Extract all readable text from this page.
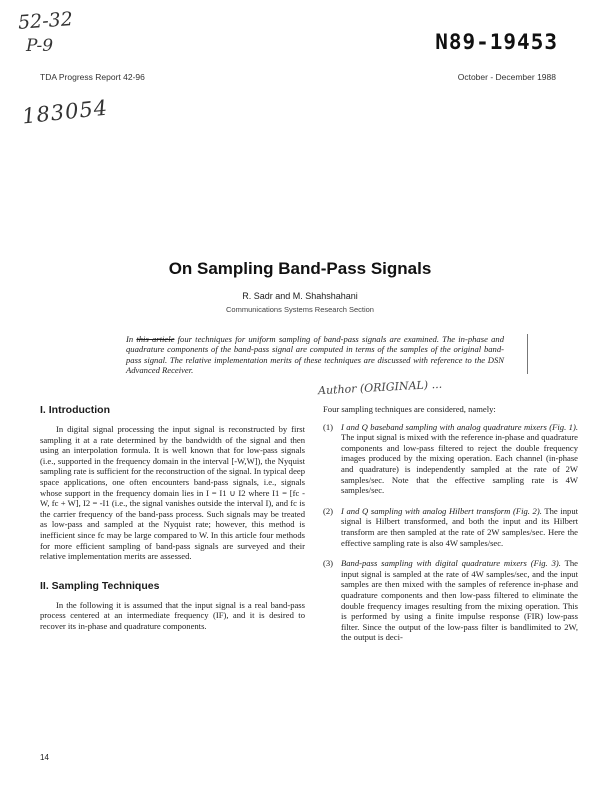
52-32
P-9
183054
N89-19453
TDA Progress Report 42-96	October - December 1988
On Sampling Band-Pass Signals
R. Sadr and M. Shahshahani
Communications Systems Research Section
In this article four techniques for uniform sampling of band-pass signals are examined. The in-phase and quadrature components of the band-pass signal are computed in terms of the samples of the original band-pass signal. The relative implementation merits of these techniques are discussed with reference to the DSN Advanced Receiver.
Author (ORIGINAL) ...
I. Introduction

In digital signal processing the input signal is reconstructed by first sampling it at a rate determined by the bandwidth of the signal and then using an interpolation formula. It is well known that for low-pass signals (i.e., supported in the frequency domain in the interval [-W,W]), the Nyquist sampling rate is sufficient for the reconstruction of the signal. In typical deep space applications, one often encounters band-pass signals, i.e., signals whose support in the frequency domain lies in I = I1 ∪ I2 where I1 = [fc - W, fc + W], I2 = -I1 (i.e., the signal vanishes outside the interval I), and fc is the carrier frequency of the band-pass process. Such signals may be treated as low-pass and sampled at the Nyquist rate; however, this method is inefficient since fc may be large compared to W. In this article four methods for more efficient sampling of band-pass signals are surveyed and their relative implementation merits are assessed.

II. Sampling Techniques

In the following it is assumed that the input signal is a real band-pass process centered at an intermediate frequency (IF), and it is desired to recover its in-phase and quadrature components.

Four sampling techniques are considered, namely:

(1) I and Q baseband sampling with analog quadrature mixers (Fig. 1). The input signal is mixed with the reference in-phase and quadrature components and low-pass filtered to reject the double frequency images produced by the mixing operation. Each channel (in-phase and quadrature) is independently sampled at the rate of 2W samples/sec. Note that the effective sampling rate is 4W samples/sec.
(2) I and Q sampling with analog Hilbert transform (Fig. 2). The input signal is Hilbert transformed, and both the input and its Hilbert transform are then sampled at the rate of 2W samples/sec. Here the effective sampling rate is also 4W samples/sec.
(3) Band-pass sampling with digital quadrature mixers (Fig. 3). The input signal is sampled at the rate of 4W samples/sec, and the input samples are then mixed with the samples of reference in-phase and quadrature components and then low-pass filtered to eliminate the double frequency images resulting from the mixing operation. This is performed by using a finite impulse response (FIR) low-pass filter. Since the output of the low-pass filter is bandlimited to 2W, the output is deci-
14
